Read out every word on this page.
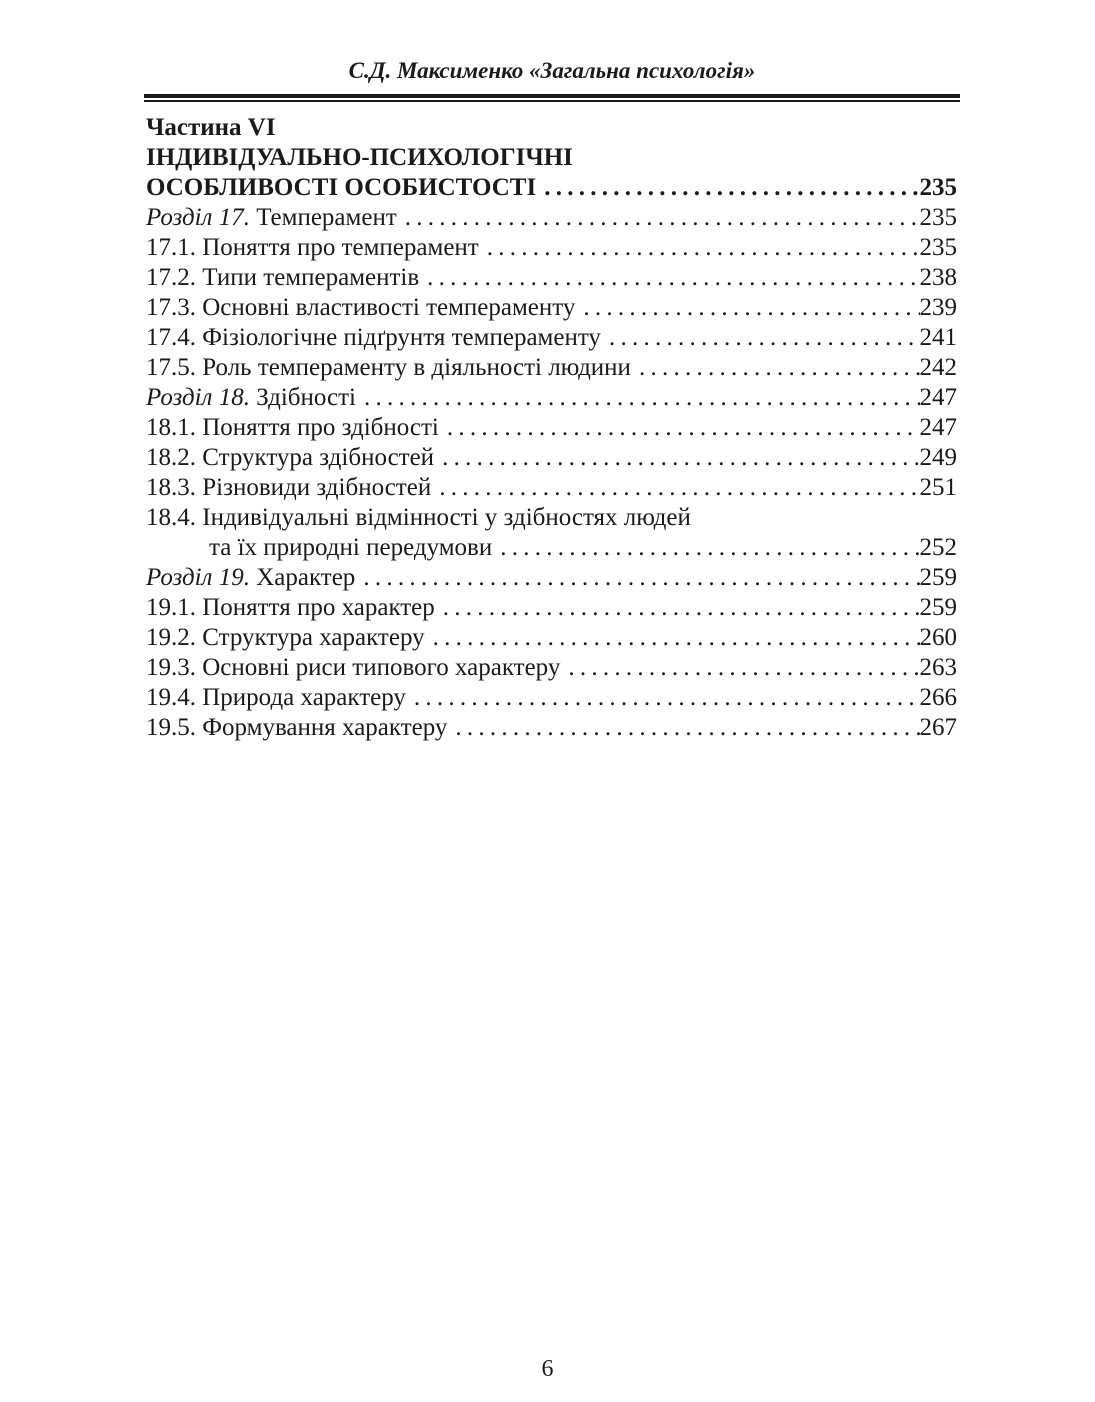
С.Д. Максименко «Загальна психологія»
Частина VI
ІНДИВІДУАЛЬНО-ПСИХОЛОГІЧНІ
ОСОБЛИВОСТІ ОСОБИСТОСТІ . . .	235
Розділ 17. Темперамент . . .	235
17.1. Поняття про темперамент . . .	235
17.2. Типи темпераментів . . .	238
17.3. Основні властивості темпераменту . . .	239
17.4. Фізіологічне підґрунтя темпераменту . . .	241
17.5. Роль темпераменту в діяльності людини . . .	242
Розділ 18. Здібності . . .	247
18.1. Поняття про здібності . . .	247
18.2. Структура здібностей . . .	249
18.3. Різновиди здібностей . . .	251
18.4. Індивідуальні відмінності у здібностях людей
та їх природні передумови . . .	252
Розділ 19. Характер . . .	259
19.1. Поняття про характер . . .	259
19.2. Структура характеру . . .	260
19.3. Основні риси типового характеру . . .	263
19.4. Природа характеру . . .	266
19.5. Формування характеру . . .	267
6
